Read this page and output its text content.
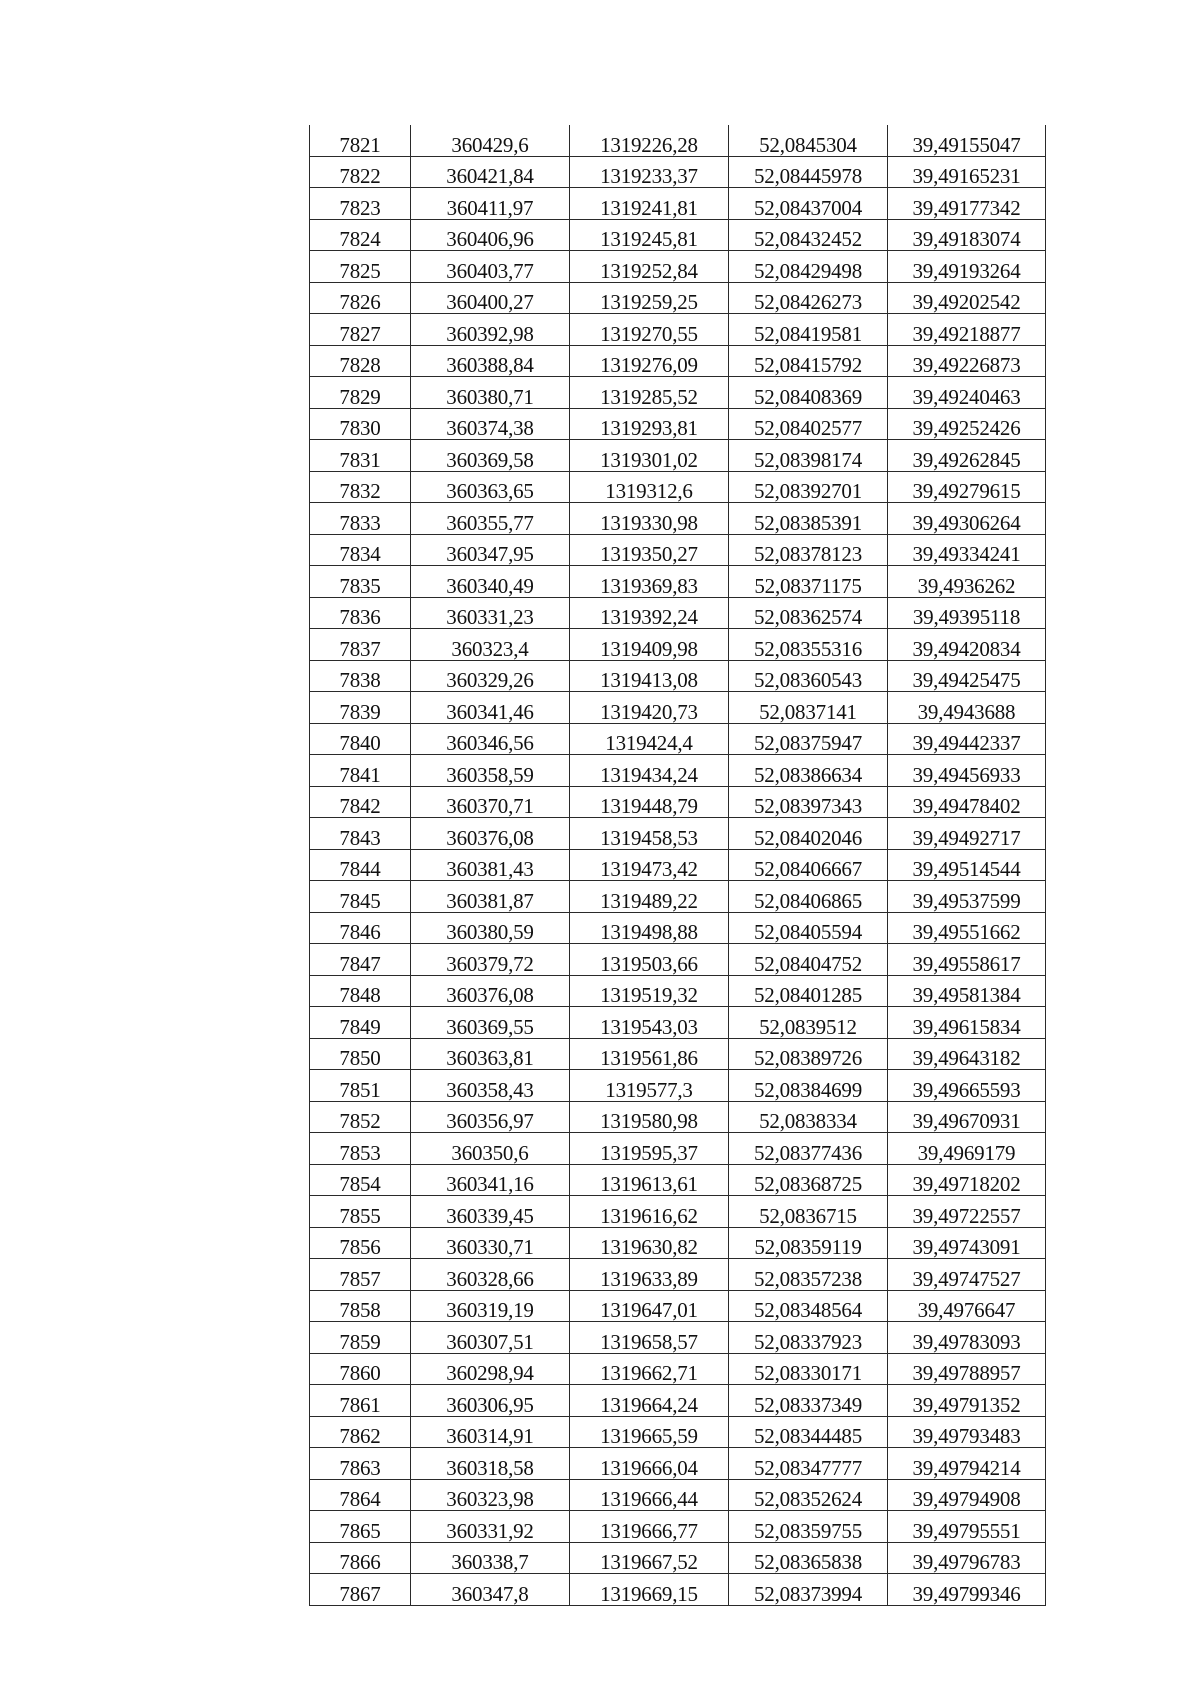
7821	360429,6	1319226,28	52,0845304	39,49155047
7822	360421,84	1319233,37	52,08445978	39,49165231
7823	360411,97	1319241,81	52,08437004	39,49177342
7824	360406,96	1319245,81	52,08432452	39,49183074
7825	360403,77	1319252,84	52,08429498	39,49193264
7826	360400,27	1319259,25	52,08426273	39,49202542
7827	360392,98	1319270,55	52,08419581	39,49218877
7828	360388,84	1319276,09	52,08415792	39,49226873
7829	360380,71	1319285,52	52,08408369	39,49240463
7830	360374,38	1319293,81	52,08402577	39,49252426
7831	360369,58	1319301,02	52,08398174	39,49262845
7832	360363,65	1319312,6	52,08392701	39,49279615
7833	360355,77	1319330,98	52,08385391	39,49306264
7834	360347,95	1319350,27	52,08378123	39,49334241
7835	360340,49	1319369,83	52,08371175	39,4936262
7836	360331,23	1319392,24	52,08362574	39,49395118
7837	360323,4	1319409,98	52,08355316	39,49420834
7838	360329,26	1319413,08	52,08360543	39,49425475
7839	360341,46	1319420,73	52,0837141	39,4943688
7840	360346,56	1319424,4	52,08375947	39,49442337
7841	360358,59	1319434,24	52,08386634	39,49456933
7842	360370,71	1319448,79	52,08397343	39,49478402
7843	360376,08	1319458,53	52,08402046	39,49492717
7844	360381,43	1319473,42	52,08406667	39,49514544
7845	360381,87	1319489,22	52,08406865	39,49537599
7846	360380,59	1319498,88	52,08405594	39,49551662
7847	360379,72	1319503,66	52,08404752	39,49558617
7848	360376,08	1319519,32	52,08401285	39,49581384
7849	360369,55	1319543,03	52,0839512	39,49615834
7850	360363,81	1319561,86	52,08389726	39,49643182
7851	360358,43	1319577,3	52,08384699	39,49665593
7852	360356,97	1319580,98	52,0838334	39,49670931
7853	360350,6	1319595,37	52,08377436	39,4969179
7854	360341,16	1319613,61	52,08368725	39,49718202
7855	360339,45	1319616,62	52,0836715	39,49722557
7856	360330,71	1319630,82	52,08359119	39,49743091
7857	360328,66	1319633,89	52,08357238	39,49747527
7858	360319,19	1319647,01	52,08348564	39,4976647
7859	360307,51	1319658,57	52,08337923	39,49783093
7860	360298,94	1319662,71	52,08330171	39,49788957
7861	360306,95	1319664,24	52,08337349	39,49791352
7862	360314,91	1319665,59	52,08344485	39,49793483
7863	360318,58	1319666,04	52,08347777	39,49794214
7864	360323,98	1319666,44	52,08352624	39,49794908
7865	360331,92	1319666,77	52,08359755	39,49795551
7866	360338,7	1319667,52	52,08365838	39,49796783
7867	360347,8	1319669,15	52,08373994	39,49799346
